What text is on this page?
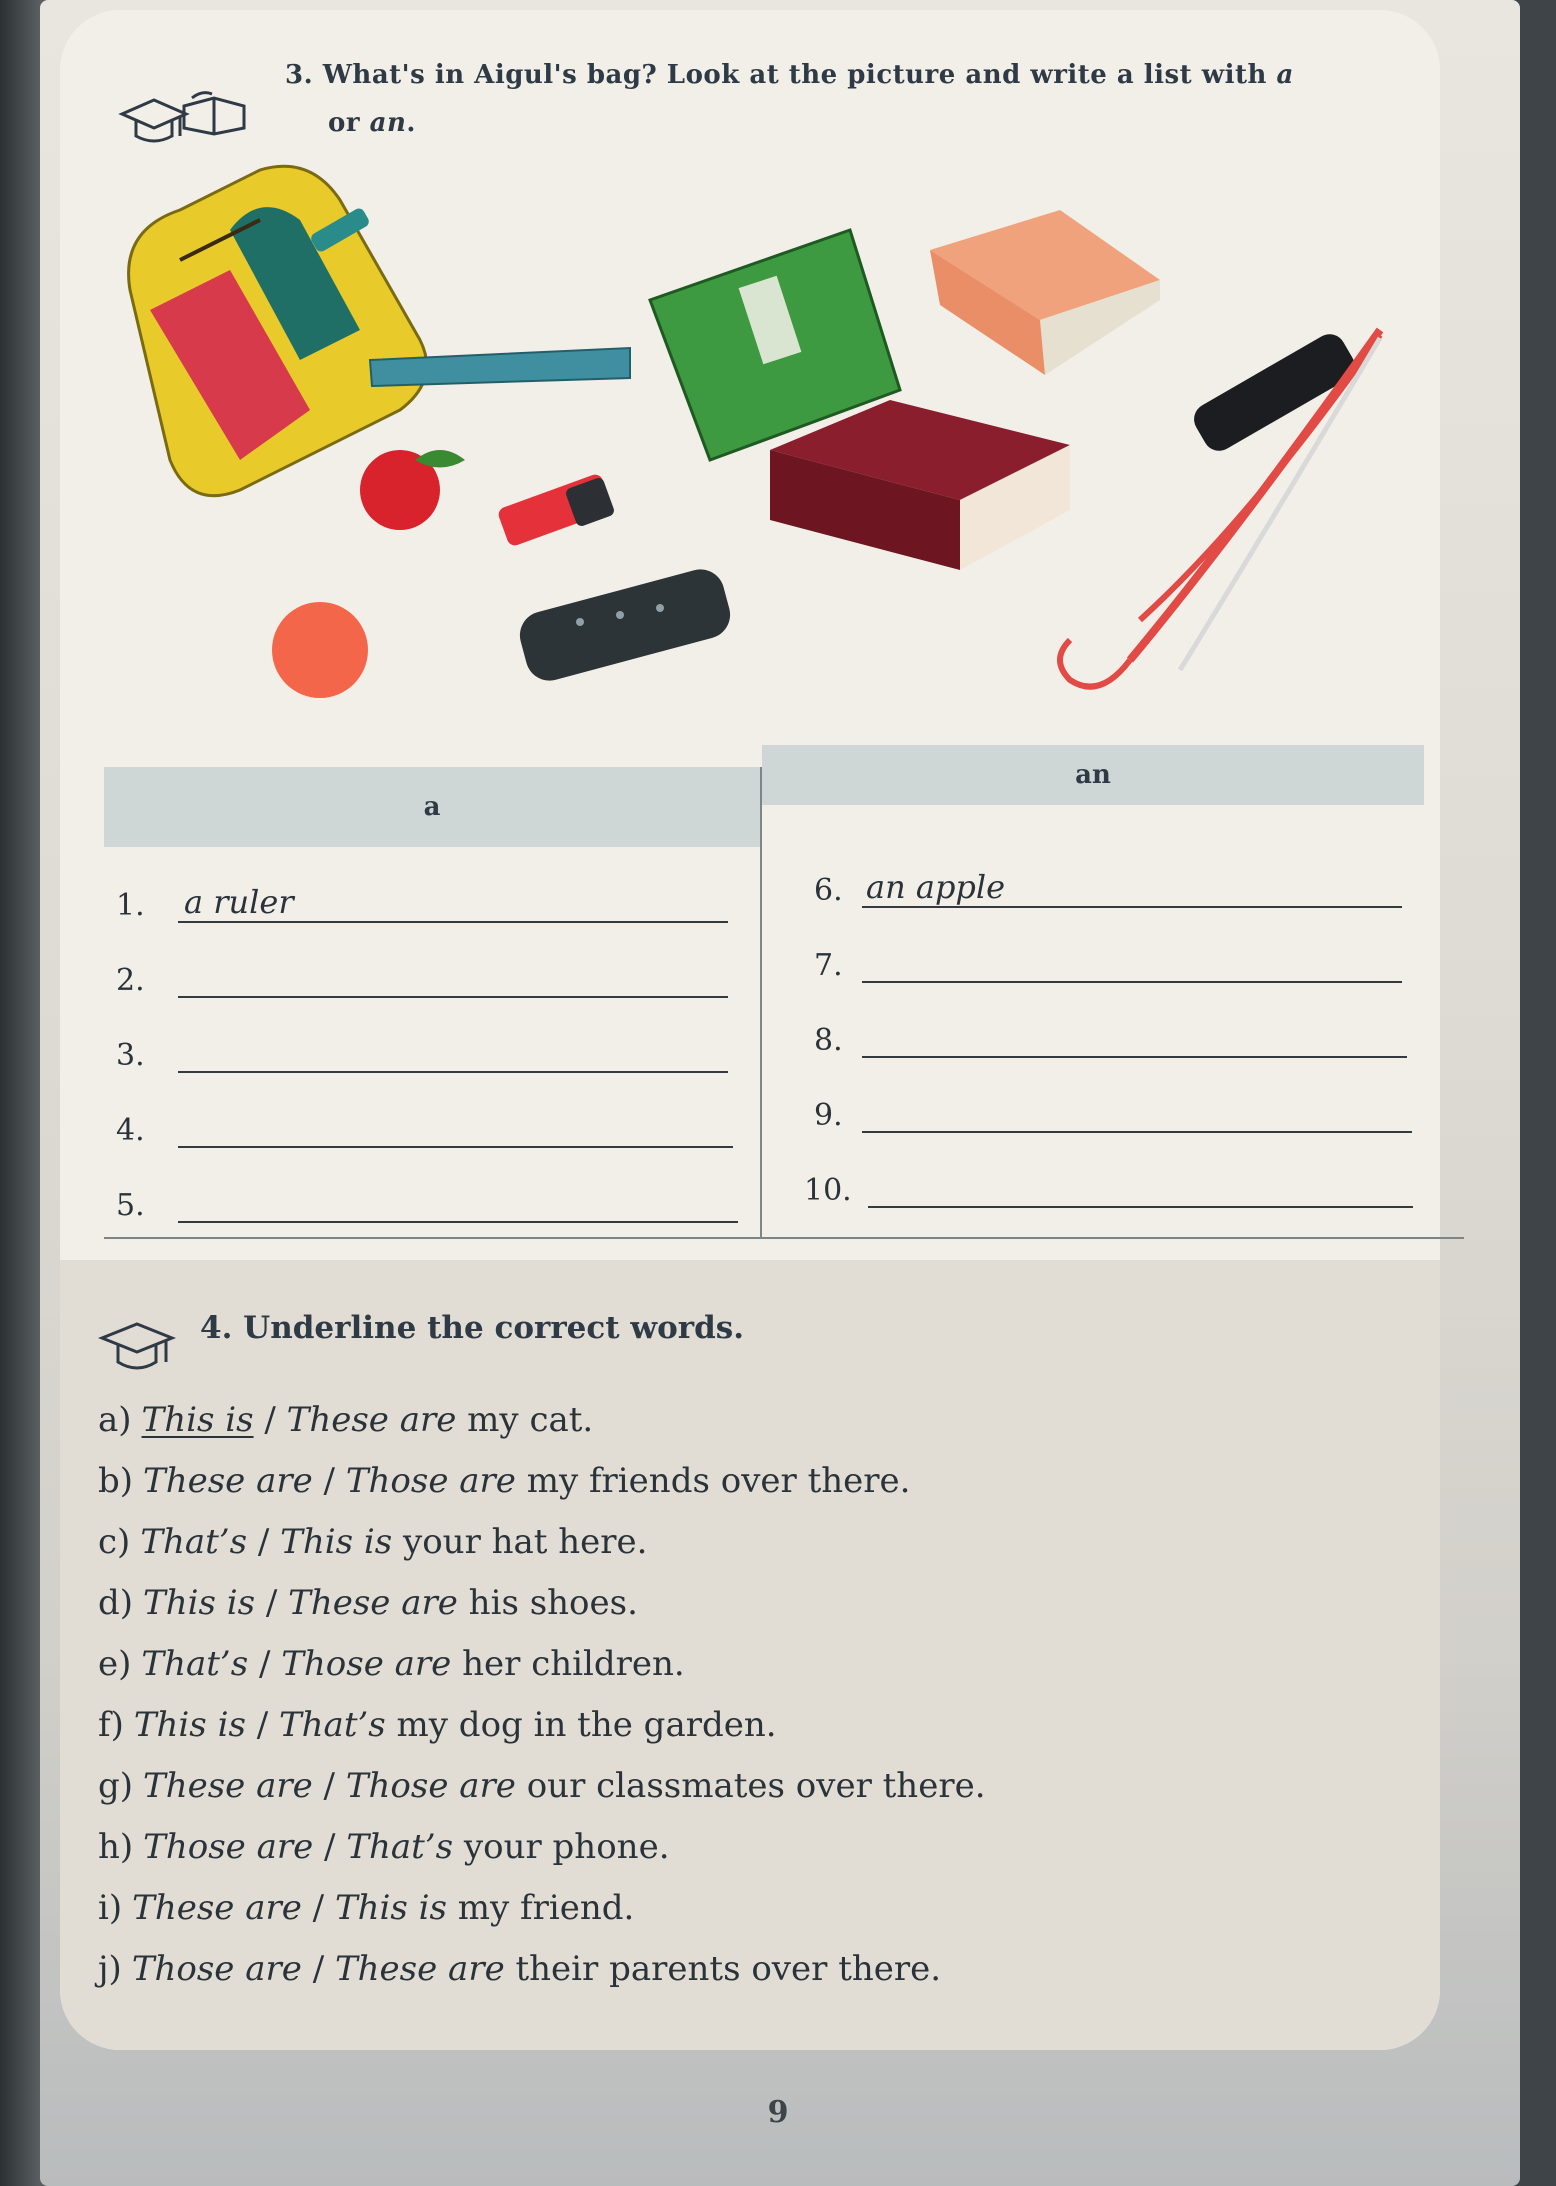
3. What's in Aigul's bag? Look at the picture and write a list with a
or an.
a
an
1. a ruler
2.
3.
4.
5.
6. an apple
7.
8.
9.
10.
4. Underline the correct words.
a) This is / These are my cat.
b) These are / Those are my friends over there.
c) That’s / This is your hat here.
d) This is / These are his shoes.
e) That’s / Those are her children.
f) This is / That’s my dog in the garden.
g) These are / Those are our classmates over there.
h) Those are / That’s your phone.
i) These are / This is my friend.
j) Those are / These are their parents over there.
9
